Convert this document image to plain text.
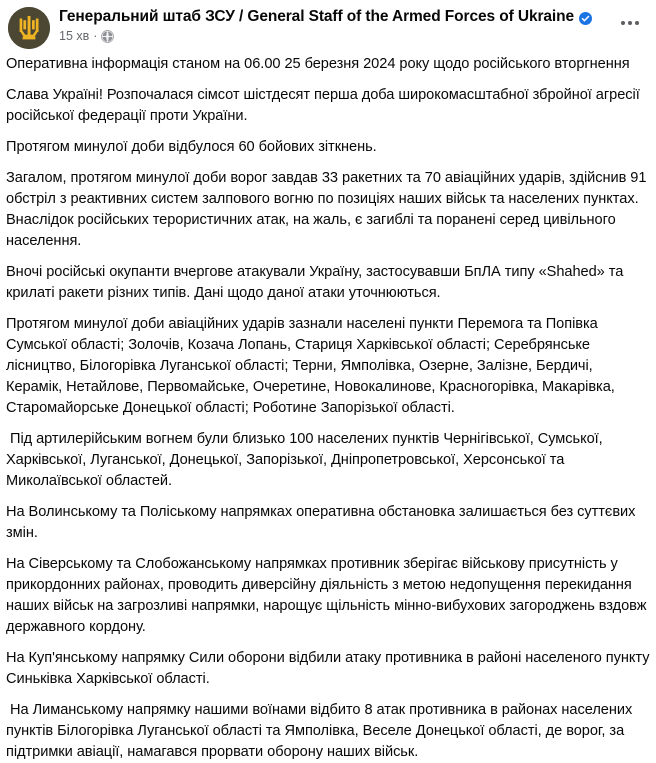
Генеральний штаб ЗСУ / General Staff of the Armed Forces of Ukraine
15 хв ·

Оперативна інформація станом на 06.00 25 березня 2024 року щодо російського вторгнення

Слава Україні! Розпочалася сімсот шістдесят перша доба широкомасштабної збройної агресії російської федерації проти України.

Протягом минулої доби відбулося 60 бойових зіткнень.

Загалом, протягом минулої доби ворог завдав 33 ракетних та 70 авіаційних ударів, здійснив 91 обстріл з реактивних систем залпового вогню по позиціях наших військ та населених пунктах. Внаслідок російських терористичних атак, на жаль, є загиблі та поранені серед цивільного населення.

Вночі російські окупанти вчергове атакували Україну, застосувавши БпЛА типу «Shahed» та крилаті ракети різних типів. Дані щодо даної атаки уточнюються.

Протягом минулої доби авіаційних ударів зазнали населені пункти Перемога та Попівка Сумської області; Золочів, Козача Лопань, Стариця Харківської області; Серебрянське лісництво, Білогорівка Луганської області; Терни, Ямполівка, Озерне, Залізне, Бердичі, Керамік, Нетайлове, Первомайське, Очеретине, Новокалинове, Красногорівка, Макарівка, Старомайорське Донецької області; Роботине Запорізької області.

Під артилерійським вогнем були близько 100 населених пунктів Чернігівської, Сумської, Харківської, Луганської, Донецької, Запорізької, Дніпропетровської, Херсонської та Миколаївської областей.

На Волинському та Поліському напрямках оперативна обстановка залишається без суттєвих змін.

На Сіверському та Слобожанському напрямках противник зберігає військову присутність у прикордонних районах, проводить диверсійну діяльність з метою недопущення перекидання наших військ на загрозливі напрямки, нарощує щільність мінно-вибухових загороджень вздовж державного кордону.

На Куп'янському напрямку Сили оборони відбили атаку противника в районі населеного пункту Синьківка Харківської області.

На Лиманському напрямку нашими воїнами відбито 8 атак противника в районах населених пунктів Білогорівка Луганської області та Ямполівка, Веселе Донецької області, де ворог, за підтримки авіації, намагався прорвати оборону наших військ.
